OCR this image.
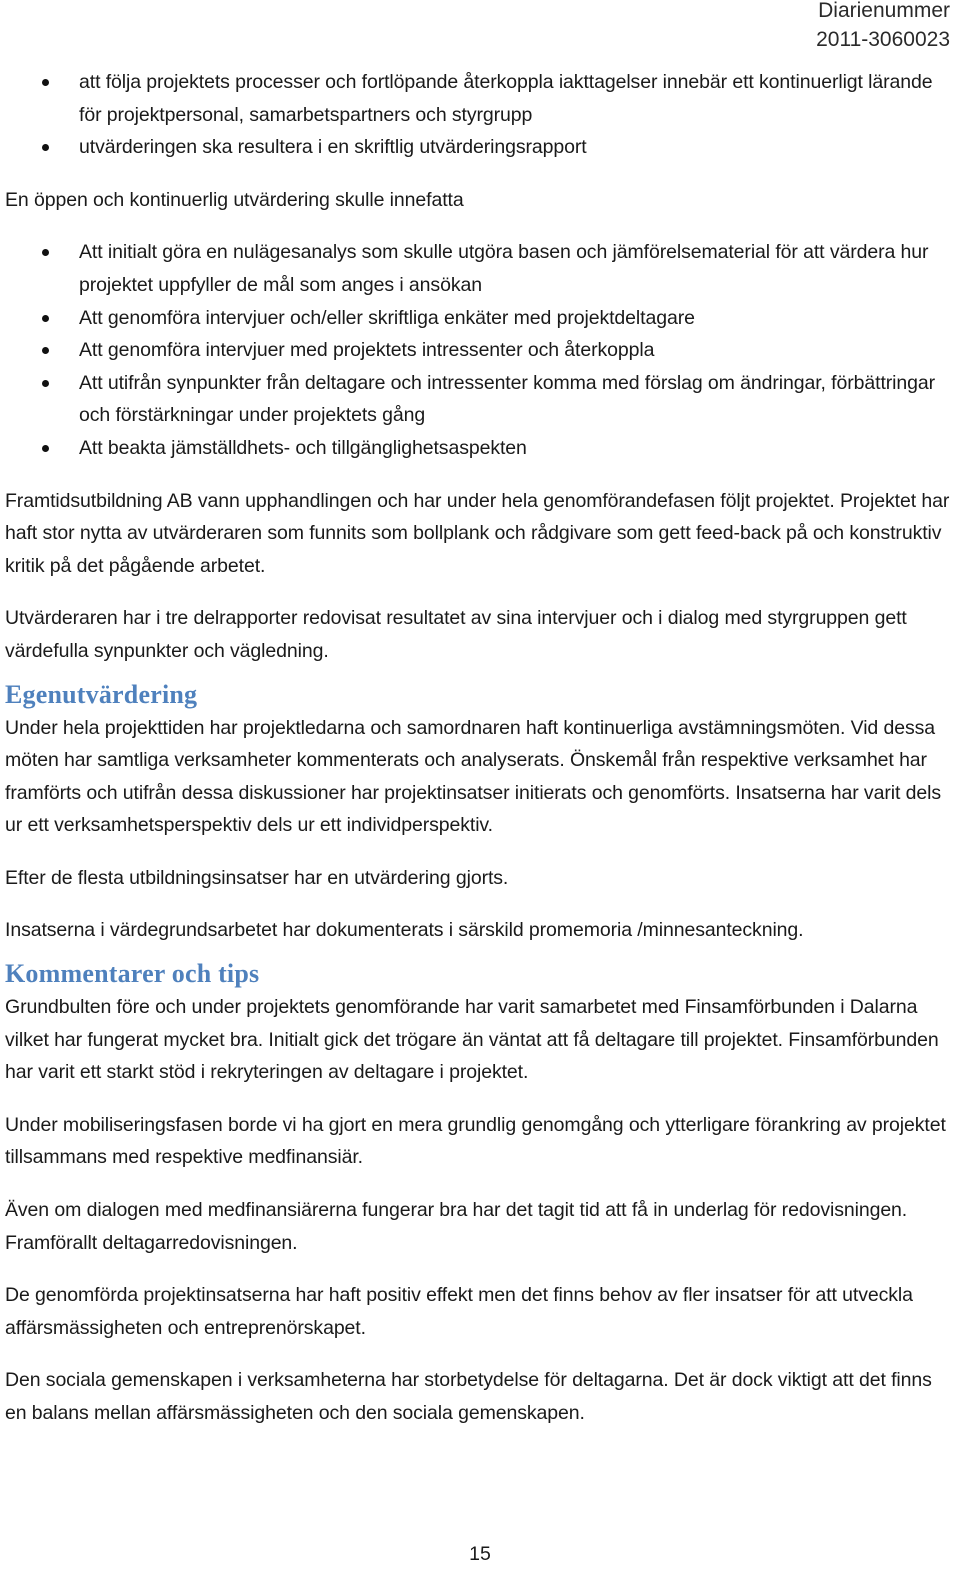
Diarienummer
2011-3060023
att följa projektets processer och fortlöpande återkoppla iakttagelser innebär ett kontinuerligt lärande för projektpersonal, samarbetspartners och styrgrupp
utvärderingen ska resultera i en skriftlig utvärderingsrapport

En öppen och kontinuerlig utvärdering skulle innefatta

Att initialt göra en nulägesanalys som skulle utgöra basen och jämförelsematerial för att värdera hur projektet uppfyller de mål som anges i ansökan
Att genomföra intervjuer och/eller skriftliga enkäter med projektdeltagare
Att genomföra intervjuer med projektets intressenter och återkoppla
Att utifrån synpunkter från deltagare och intressenter komma med förslag om ändringar, förbättringar och förstärkningar under projektets gång
Att beakta jämställdhets- och tillgänglighetsaspekten

Framtidsutbildning AB vann upphandlingen och har under hela genomförandefasen följt projektet. Projektet har haft stor nytta av utvärderaren som funnits som bollplank och rådgivare som gett feed-back på och konstruktiv kritik på det pågående arbetet.

Utvärderaren har i tre delrapporter redovisat resultatet av sina intervjuer och i dialog med styrgruppen gett värdefulla synpunkter och vägledning.

Egenutvärdering

Under hela projekttiden har projektledarna och samordnaren haft kontinuerliga avstämningsmöten. Vid dessa möten har samtliga verksamheter kommenterats och analyserats. Önskemål från respektive verksamhet har framförts och utifrån dessa diskussioner har projektinsatser initierats och genomförts. Insatserna har varit dels ur ett verksamhetsperspektiv dels ur ett individperspektiv.

Efter de flesta utbildningsinsatser har en utvärdering gjorts.

Insatserna i värdegrundsarbetet har dokumenterats i särskild promemoria /minnesanteckning.

Kommentarer och tips

Grundbulten före och under projektets genomförande har varit samarbetet med Finsamförbunden i Dalarna vilket har fungerat mycket bra. Initialt gick det trögare än väntat att få deltagare till projektet. Finsamförbunden har varit ett starkt stöd i rekryteringen av deltagare i projektet.

Under mobiliseringsfasen borde vi ha gjort en mera grundlig genomgång och ytterligare förankring av projektet tillsammans med respektive medfinansiär.

Även om dialogen med medfinansiärerna fungerar bra har det tagit tid att få in underlag för redovisningen. Framförallt deltagarredovisningen.

De genomförda projektinsatserna har haft positiv effekt men det finns behov av fler insatser för att utveckla affärsmässigheten och entreprenörskapet.

Den sociala gemenskapen i verksamheterna har storbetydelse för deltagarna. Det är dock viktigt att det finns en balans mellan affärsmässigheten och den sociala gemenskapen.

15
